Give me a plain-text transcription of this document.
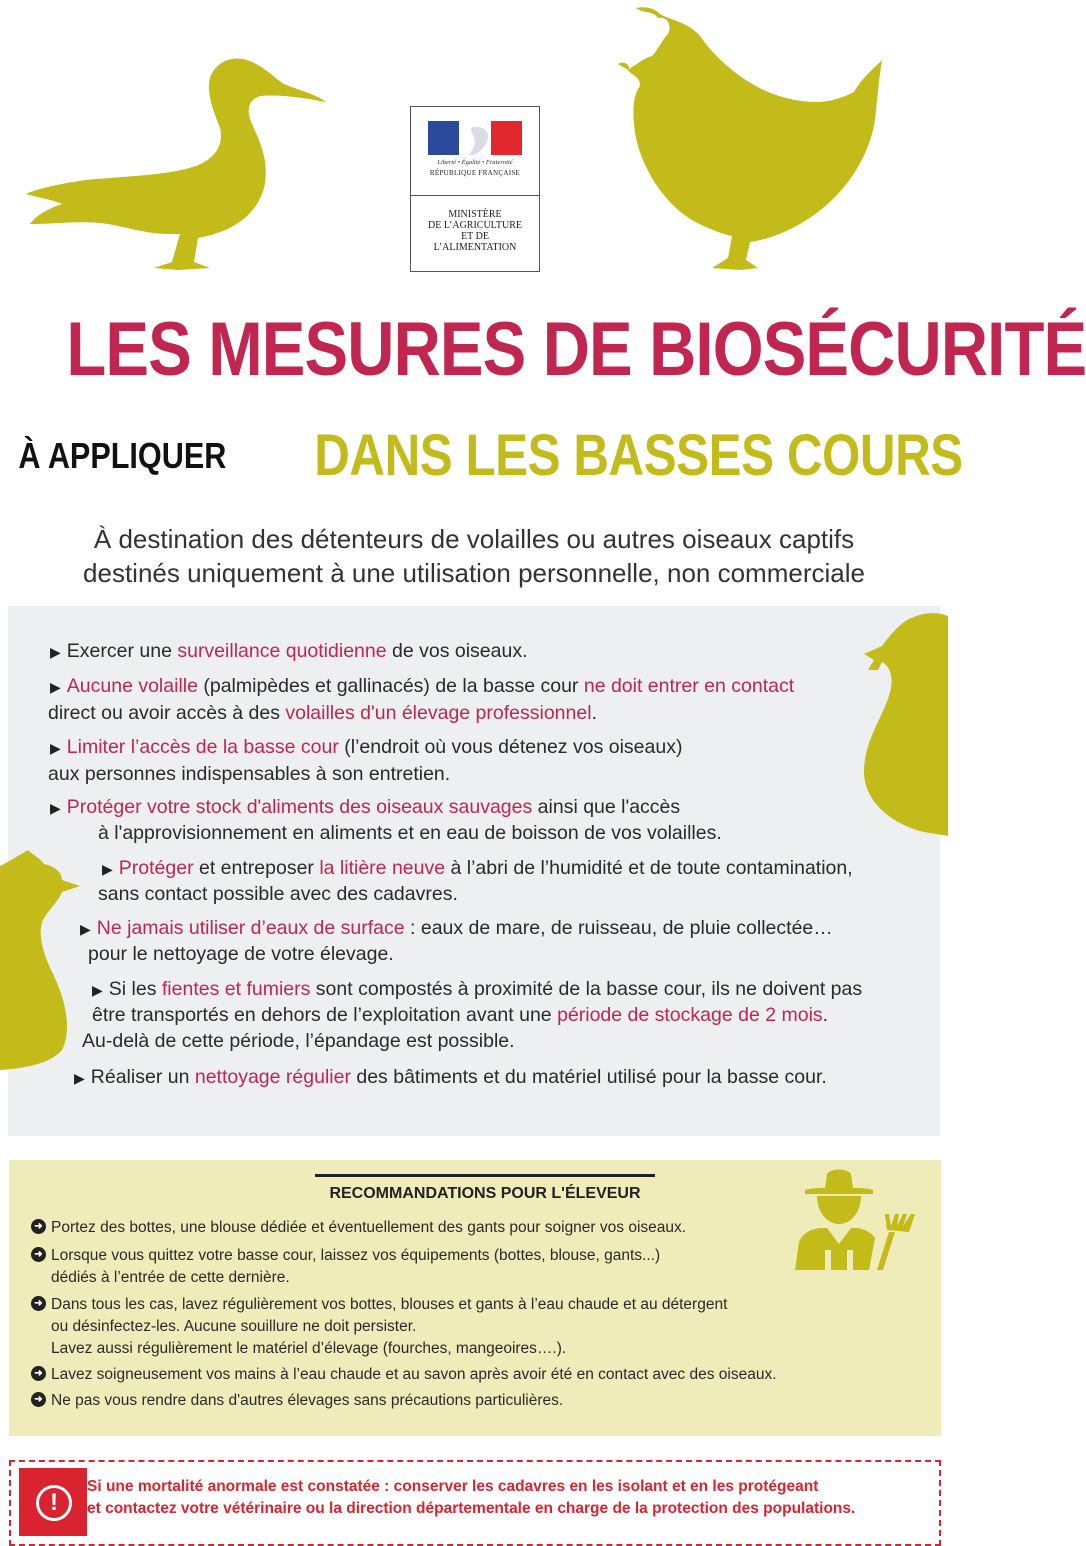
Liberté • Égalité • Fraternité
RÉPUBLIQUE FRANÇAISE
MINISTÈRE
DE L’AGRICULTURE
ET DE
L’ALIMENTATION
LES MESURES DE BIOSÉCURITÉ
À APPLIQUER DANS LES BASSES COURS
À destination des détenteurs de volailles ou autres oiseaux captifs
destinés uniquement à une utilisation personnelle, non commerciale
▶ Exercer une surveillance quotidienne de vos oiseaux.
▶ Aucune volaille (palmipèdes et gallinacés) de la basse cour ne doit entrer en contact
direct ou avoir accès à des volailles d'un élevage professionnel.
▶ Limiter l’accès de la basse cour (l’endroit où vous détenez vos oiseaux)
aux personnes indispensables à son entretien.
▶ Protéger votre stock d'aliments des oiseaux sauvages ainsi que l'accès
à l'approvisionnement en aliments et en eau de boisson de vos volailles.
▶ Protéger et entreposer la litière neuve à l’abri de l’humidité et de toute contamination,
sans contact possible avec des cadavres.
▶ Ne jamais utiliser d’eaux de surface : eaux de mare, de ruisseau, de pluie collectée…
pour le nettoyage de votre élevage.
▶ Si les fientes et fumiers sont compostés à proximité de la basse cour, ils ne doivent pas
être transportés en dehors de l’exploitation avant une période de stockage de 2 mois.
Au-delà de cette période, l’épandage est possible.
▶ Réaliser un nettoyage régulier des bâtiments et du matériel utilisé pour la basse cour.
RECOMMANDATIONS POUR L'ÉLEVEUR
➜ Portez des bottes, une blouse dédiée et éventuellement des gants pour soigner vos oiseaux.
➜ Lorsque vous quittez votre basse cour, laissez vos équipements (bottes, blouse, gants...)
dédiés à l’entrée de cette dernière.
➜ Dans tous les cas, lavez régulièrement vos bottes, blouses et gants à l’eau chaude et au détergent
ou désinfectez-les. Aucune souillure ne doit persister.
Lavez aussi régulièrement le matériel d’élevage (fourches, mangeoires….).
➜ Lavez soigneusement vos mains à l’eau chaude et au savon après avoir été en contact avec des oiseaux.
➜ Ne pas vous rendre dans d'autres élevages sans précautions particulières.
!
Si une mortalité anormale est constatée : conserver les cadavres en les isolant et en les protégeant
et contactez votre vétérinaire ou la direction départementale en charge de la protection des populations.
